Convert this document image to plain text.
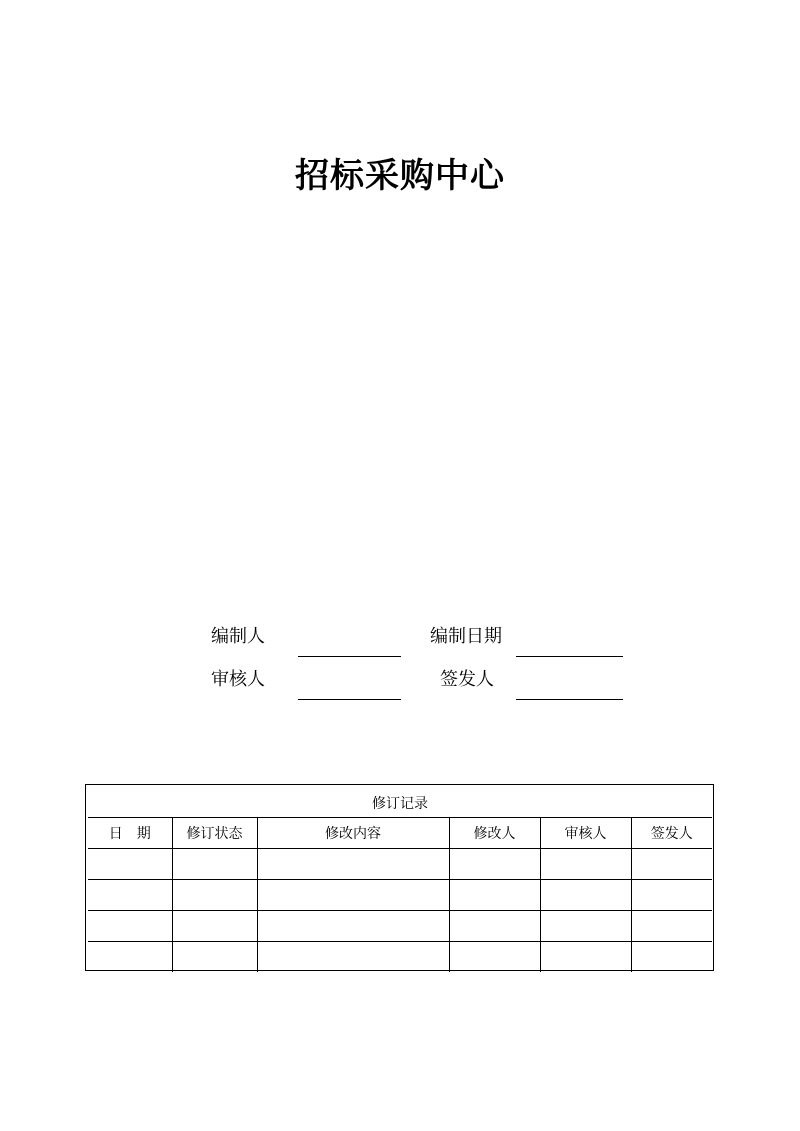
招标采购中心
编制人	编制日期
审核人	签发人
修订记录					
日　期	修订状态	修改内容	修改人	审核人	签发人
